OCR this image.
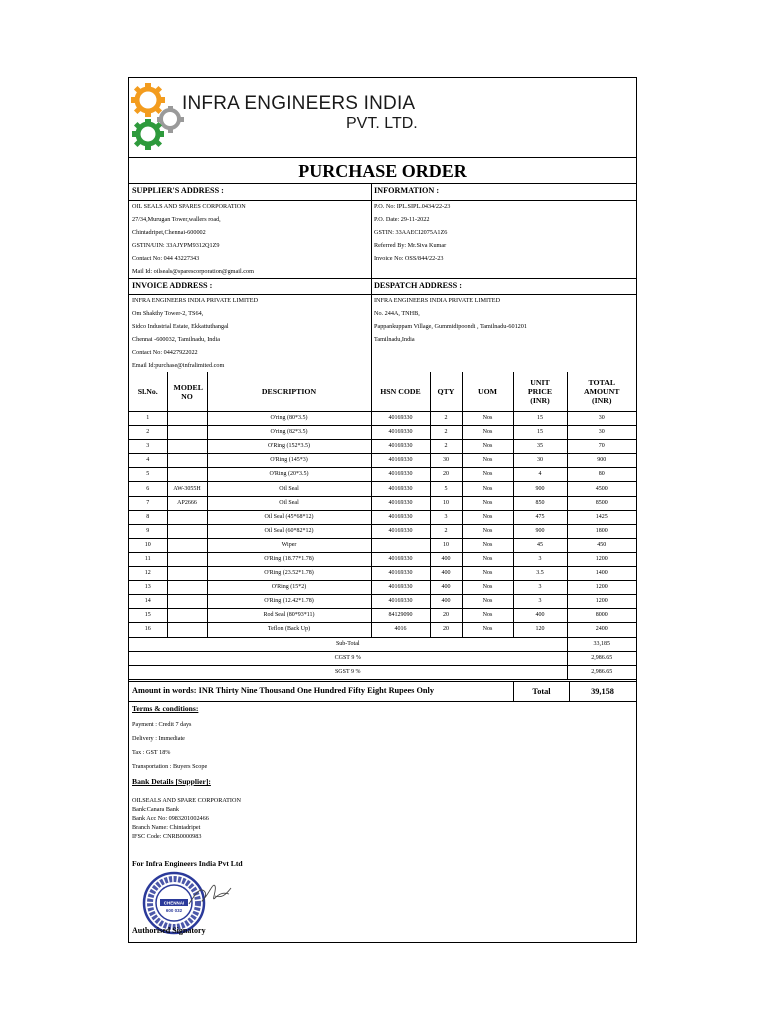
INFRA ENGINEERS INDIA
PVT. LTD.
PURCHASE ORDER
SUPPLIER'S ADDRESS :	INFORMATION :
OIL SEALS AND SPARES CORPORATION
27/34,Murugan Tower,wallers road,
Chintadripet,Chennai-600002
GSTIN/UIN: 33AJYPM9312Q1Z9
Contact No: 044 43227343
Mail Id: oilseals@sparescorporation@gmail.com
P.O. No: IPL.SIPL.0434/22-23
P.O. Date: 29-11-2022
GSTIN: 33AAECI2075A1Z6
Referred By: Mr.Siva Kumar
Invoice No: OSS/844/22-23
INVOICE ADDRESS :	DESPATCH ADDRESS :
INFRA ENGINEERS INDIA PRIVATE LIMITED
Om Shakthy Tower-2, TS64,
Sidco Industrial Estate, Ekkattuthangal
Chennai -600032, Tamilnadu, India
Contact No: 04427922022
Email Id:purchase@infralimited.com
INFRA ENGINEERS INDIA PRIVATE LIMITED
No. 244A, TNHB,
Pappankuppam Village, Gummidipoondi , Tamilnadu-601201
Tamilnadu,India
Sl.No.	MODEL NO	DESCRIPTION	HSN CODE	QTY	UOM	UNIT PRICE (INR)	TOTAL AMOUNT (INR)
1		O'ring (80*3.5)	40169330	2	Nos	15	30
2		O'ring (82*3.5)	40169330	2	Nos	15	30
3		O'Ring (152*3.5)	40169330	2	Nos	35	70
4		O'Ring (145*3)	40169330	30	Nos	30	900
5		O'Ring (20*3.5)	40169330	20	Nos	4	80
6	AW-3055H	Oil Seal	40169330	5	Nos	900	4500
7	AP2666	Oil Seal	40169330	10	Nos	850	8500
8		Oil Seal (45*68*12)	40169330	3	Nos	475	1425
9		Oil Seal (60*82*12)	40169330	2	Nos	900	1800
10		Wiper		10	Nos	45	450
11		O'Ring (18.77*1.78)	40169330	400	Nos	3	1200
12		O'Ring (23.52*1.78)	40169330	400	Nos	3.5	1400
13		O'Ring (15*2)	40169330	400	Nos	3	1200
14		O'Ring (12.42*1.78)	40169330	400	Nos	3	1200
15		Rod Seal (80*93*11)	84129090	20	Nos	400	8000
16		Teflon (Back Up)	4016	20	Nos	120	2400
Sub-Total							33,185
CGST 9 %							2,986.65
SGST 9 %							2,986.65
Amount in words: INR Thirty Nine Thousand One Hundred Fifty Eight Rupees Only	Total	39,158
Terms & conditions:
Payment : Credit 7 days
Delivery : Immediate
Tax : GST 18%
Transportation : Buyers Scope
Bank Details [Supplier]:
OILSEALS AND SPARE CORPORATION
Bank:Canara Bank
Bank Acc No: 0983201002466
Branch Name: Chintadripet
IFSC Code: CNRB0000983
For Infra Engineers India Pvt Ltd
CHENNAI
600 032
Authorised Signatory
